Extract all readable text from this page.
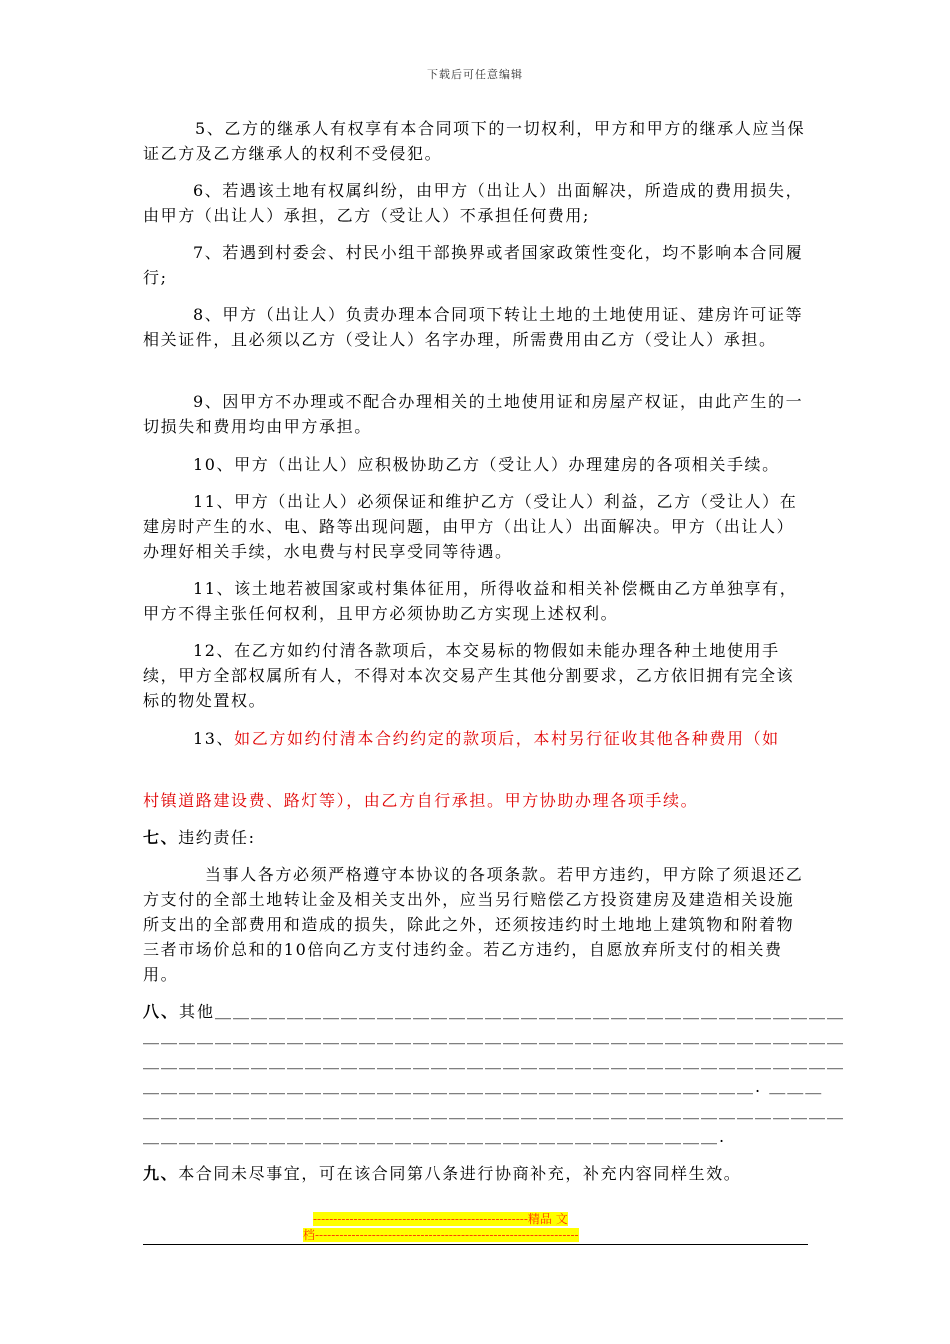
下载后可任意编辑
5、乙方的继承人有权享有本合同项下的一切权利，甲方和甲方的继承人应当保证乙方及乙方继承人的权利不受侵犯。
6、若遇该土地有权属纠纷，由甲方（出让人）出面解决，所造成的费用损失，由甲方（出让人）承担，乙方（受让人）不承担任何费用;
7、若遇到村委会、村民小组干部换界或者国家政策性变化，均不影响本合同履行;
8、甲方（出让人）负责办理本合同项下转让土地的土地使用证、建房许可证等相关证件，且必须以乙方（受让人）名字办理，所需费用由乙方（受让人）承担。
9、因甲方不办理或不配合办理相关的土地使用证和房屋产权证，由此产生的一切损失和费用均由甲方承担。
10、甲方（出让人）应积极协助乙方（受让人）办理建房的各项相关手续。
11、甲方（出让人）必须保证和维护乙方（受让人）利益，乙方（受让人）在建房时产生的水、电、路等出现问题，由甲方（出让人）出面解决。甲方（出让人）办理好相关手续，水电费与村民享受同等待遇。
11、该土地若被国家或村集体征用，所得收益和相关补偿概由乙方单独享有，甲方不得主张任何权利，且甲方必须协助乙方实现上述权利。
12、在乙方如约付清各款项后，本交易标的物假如未能办理各种土地使用手续，甲方全部权属所有人，不得对本次交易产生其他分割要求，乙方依旧拥有完全该标的物处置权。
13、如乙方如约付清本合约约定的款项后，本村另行征收其他各种费用（如
村镇道路建设费、路灯等），由乙方自行承担。甲方协助办理各项手续。
七、违约责任:
当事人各方必须严格遵守本协议的各项条款。若甲方违约，甲方除了须退还乙方支付的全部土地转让金及相关支出外，应当另行赔偿乙方投资建房及建造相关设施所支出的全部费用和造成的损失，除此之外，还须按违约时土地地上建筑物和附着物三者市场价总和的10倍向乙方支付违约金。若乙方违约，自愿放弃所支付的相关费用。
八、其他＿＿＿＿＿＿＿＿＿＿＿＿＿＿＿＿＿＿＿＿＿＿＿＿＿＿＿＿＿＿＿＿＿＿＿
＿＿＿＿＿＿＿＿＿＿＿＿＿＿＿＿＿＿＿＿＿＿＿＿＿＿＿＿＿＿＿＿＿＿＿＿＿＿＿
＿＿＿＿＿＿＿＿＿＿＿＿＿＿＿＿＿＿＿＿＿＿＿＿＿＿＿＿＿＿＿＿＿＿＿＿＿＿＿
＿＿＿＿＿＿＿＿＿＿＿＿＿＿＿＿＿＿＿＿＿＿＿＿＿＿＿＿＿＿＿＿＿＿. ＿＿＿
＿＿＿＿＿＿＿＿＿＿＿＿＿＿＿＿＿＿＿＿＿＿＿＿＿＿＿＿＿＿＿＿＿＿＿＿＿＿＿
＿＿＿＿＿＿＿＿＿＿＿＿＿＿＿＿＿＿＿＿＿＿＿＿＿＿＿＿＿＿＿＿.
九、本合同未尽事宜，可在该合同第八条进行协商补充，补充内容同样生效。
-----------------------------------------------------精品 文
档-----------------------------------------------------------------
